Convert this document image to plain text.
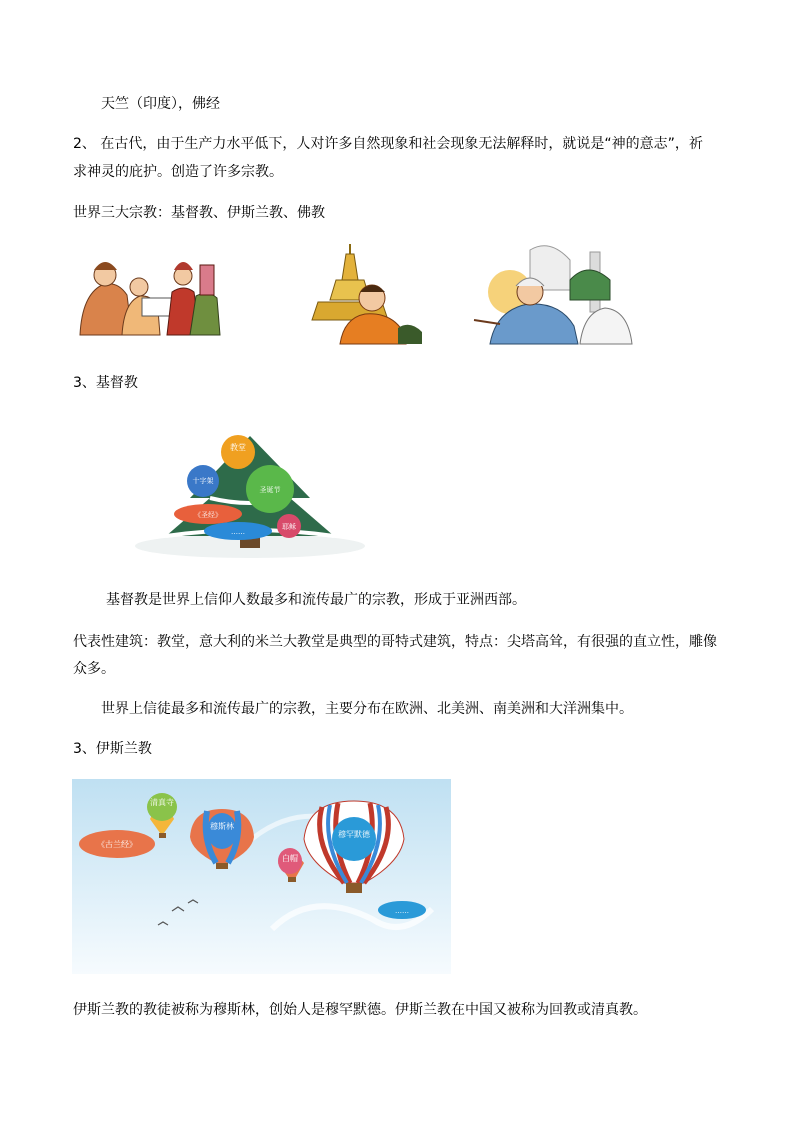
天竺（印度），佛经
2、 在古代，由于生产力水平低下，人对许多自然现象和社会现象无法解释时，就说是“神的意志”，祈
求神灵的庇护。创造了许多宗教。
世界三大宗教：基督教、伊斯兰教、佛教
3、基督教
教堂
十字架
圣诞节
《圣经》
耶稣
……
基督教是世界上信仰人数最多和流传最广的宗教，形成于亚洲西部。
代表性建筑：教堂，意大利的米兰大教堂是典型的哥特式建筑，特点：尖塔高耸，有很强的直立性，雕像
众多。
世界上信徒最多和流传最广的宗教，主要分布在欧洲、北美洲、南美洲和大洋洲集中。
3、伊斯兰教
清真寺
穆斯林
《古兰经》
白帽
穆罕默德
……
伊斯兰教的教徒被称为穆斯林，创始人是穆罕默德。伊斯兰教在中国又被称为回教或清真教。
